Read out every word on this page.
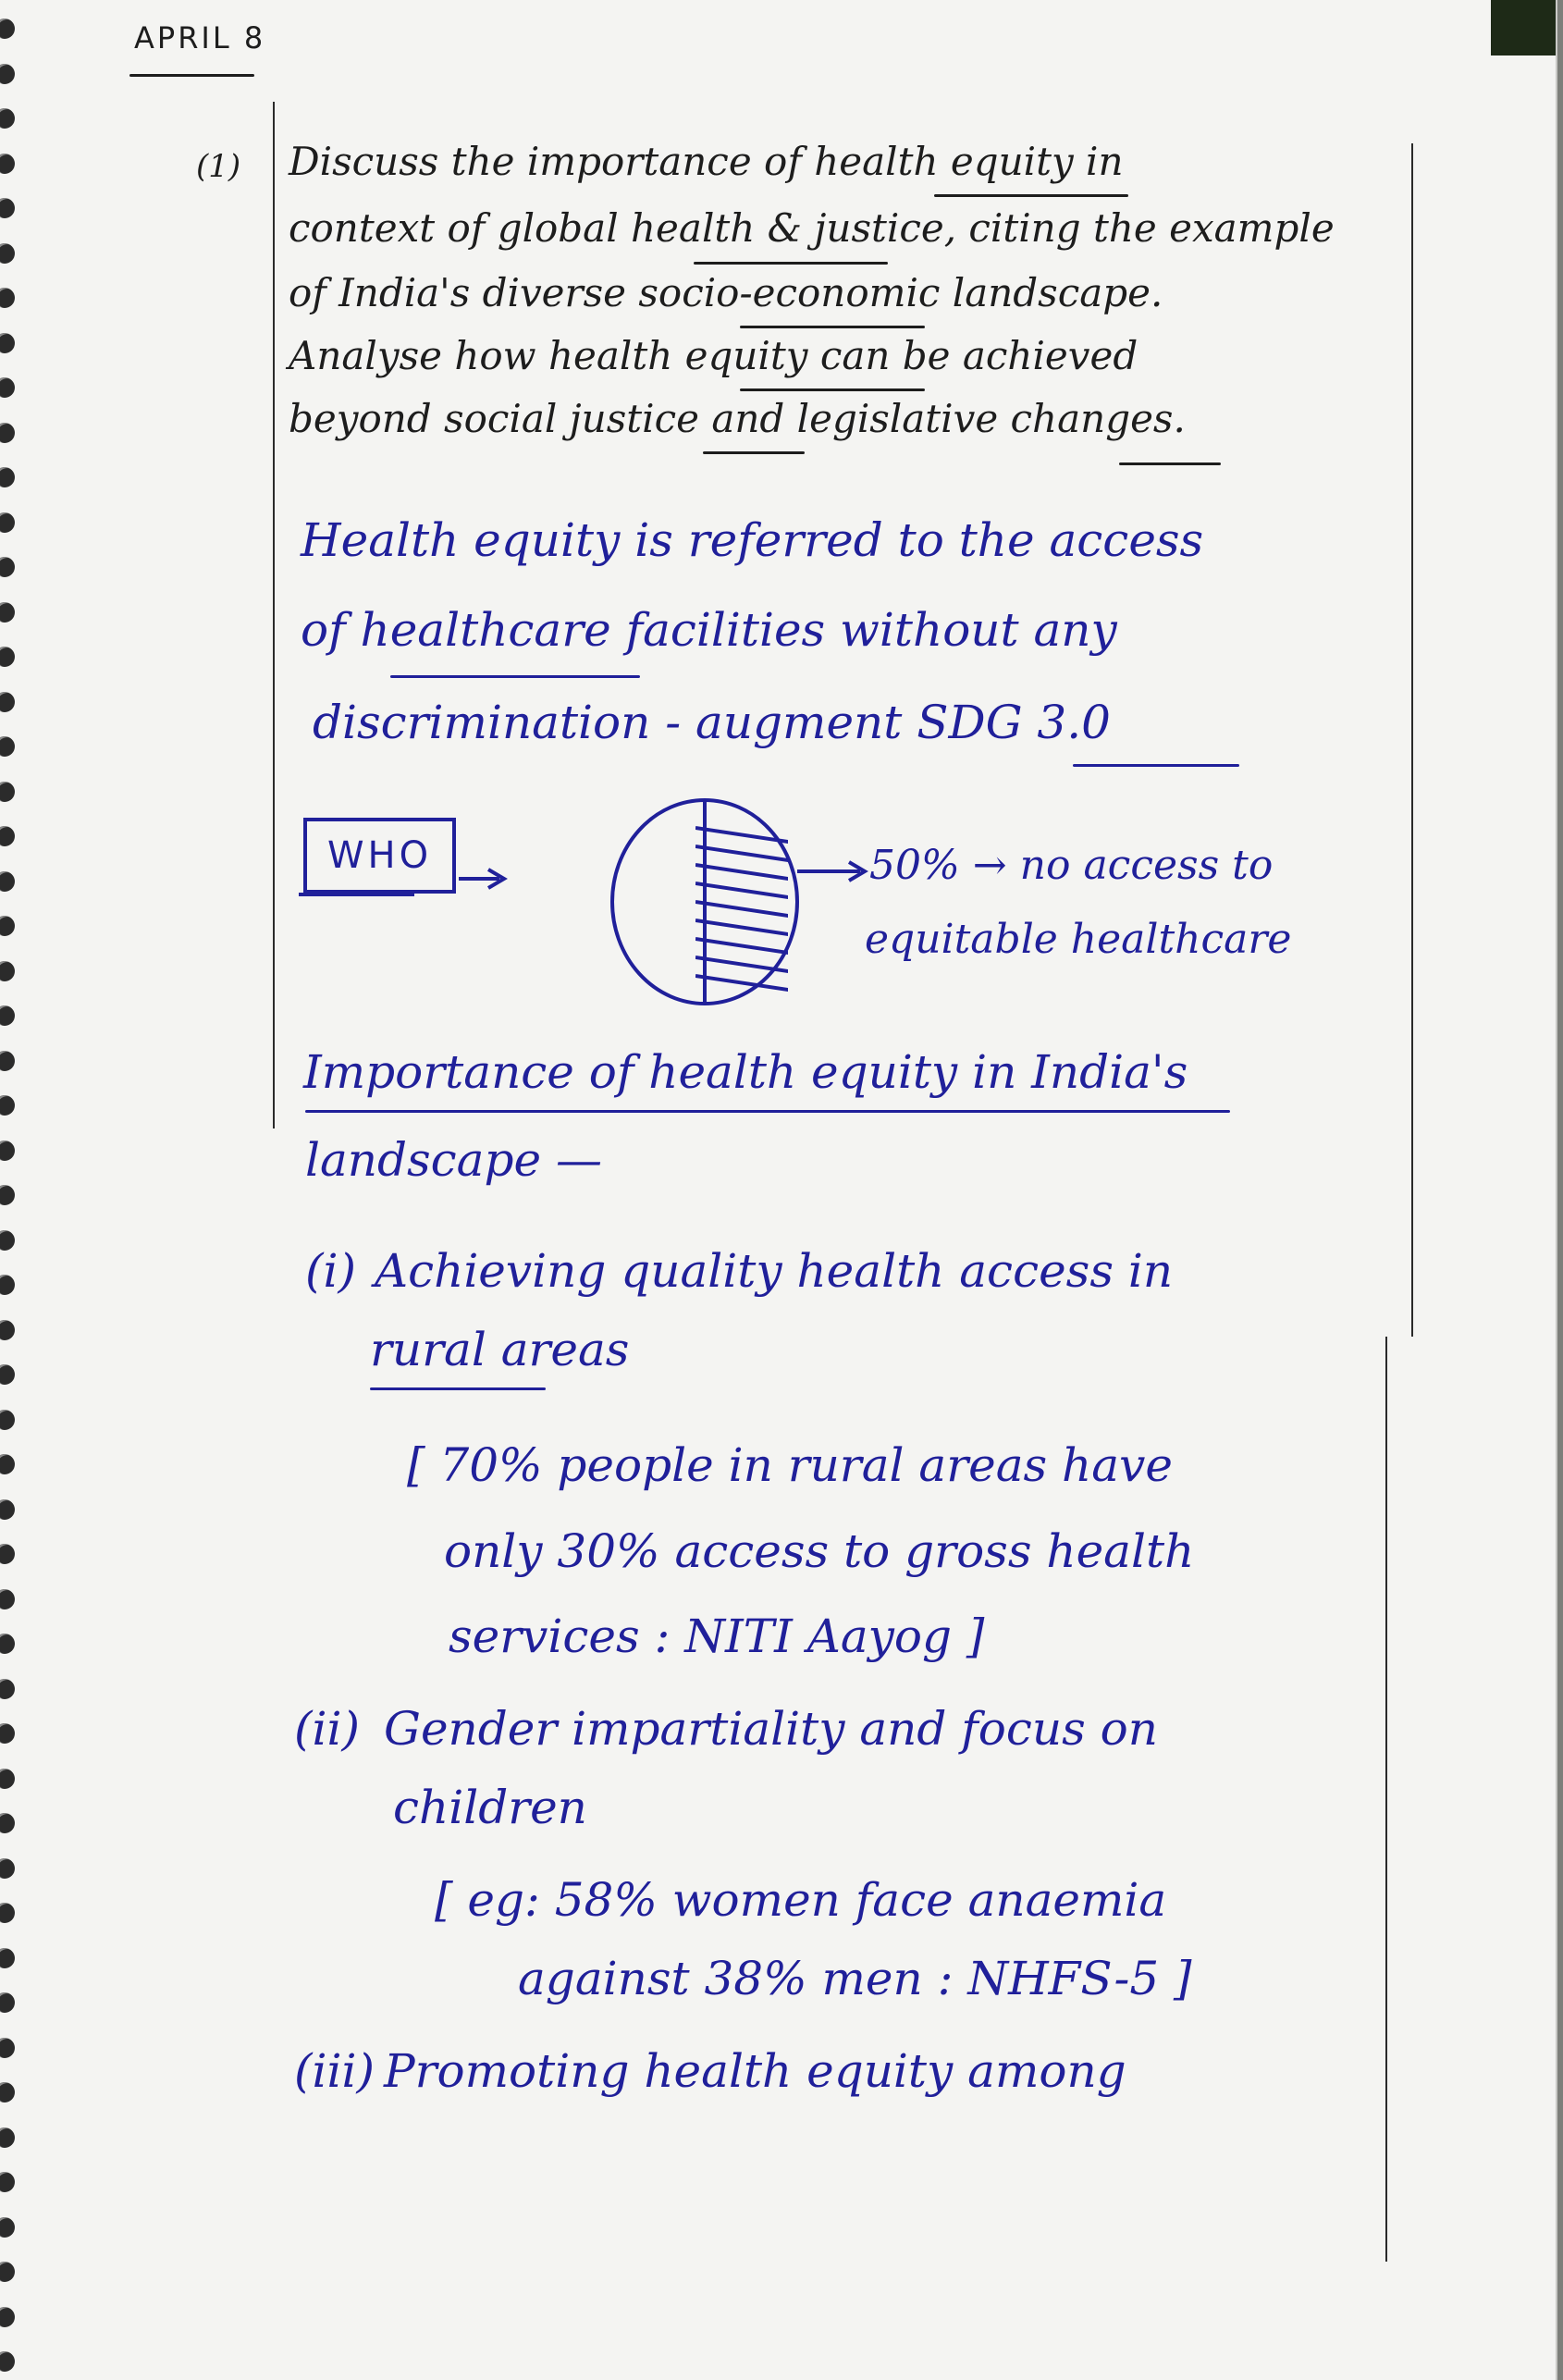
APRIL 8
(1) Discuss the importance of health equity in
context of global health & justice, citing the example
of India's diverse socio-economic landscape.
Analyse how health equity can be achieved
beyond social justice and legislative changes.
Health equity is referred to the access
of healthcare facilities without any
discrimination - augment SDG 3.0
WHO	50% → no access to
equitable healthcare
Importance of health equity in India's
landscape —
(i) Achieving quality health access in
rural areas
[ 70% people in rural areas have
only 30% access to gross health
services : NITI Aayog ]
(ii) Gender impartiality and focus on
children
[ eg: 58% women face anaemia
against 38% men : NHFS-5 ]
(iii) Promoting health equity among
